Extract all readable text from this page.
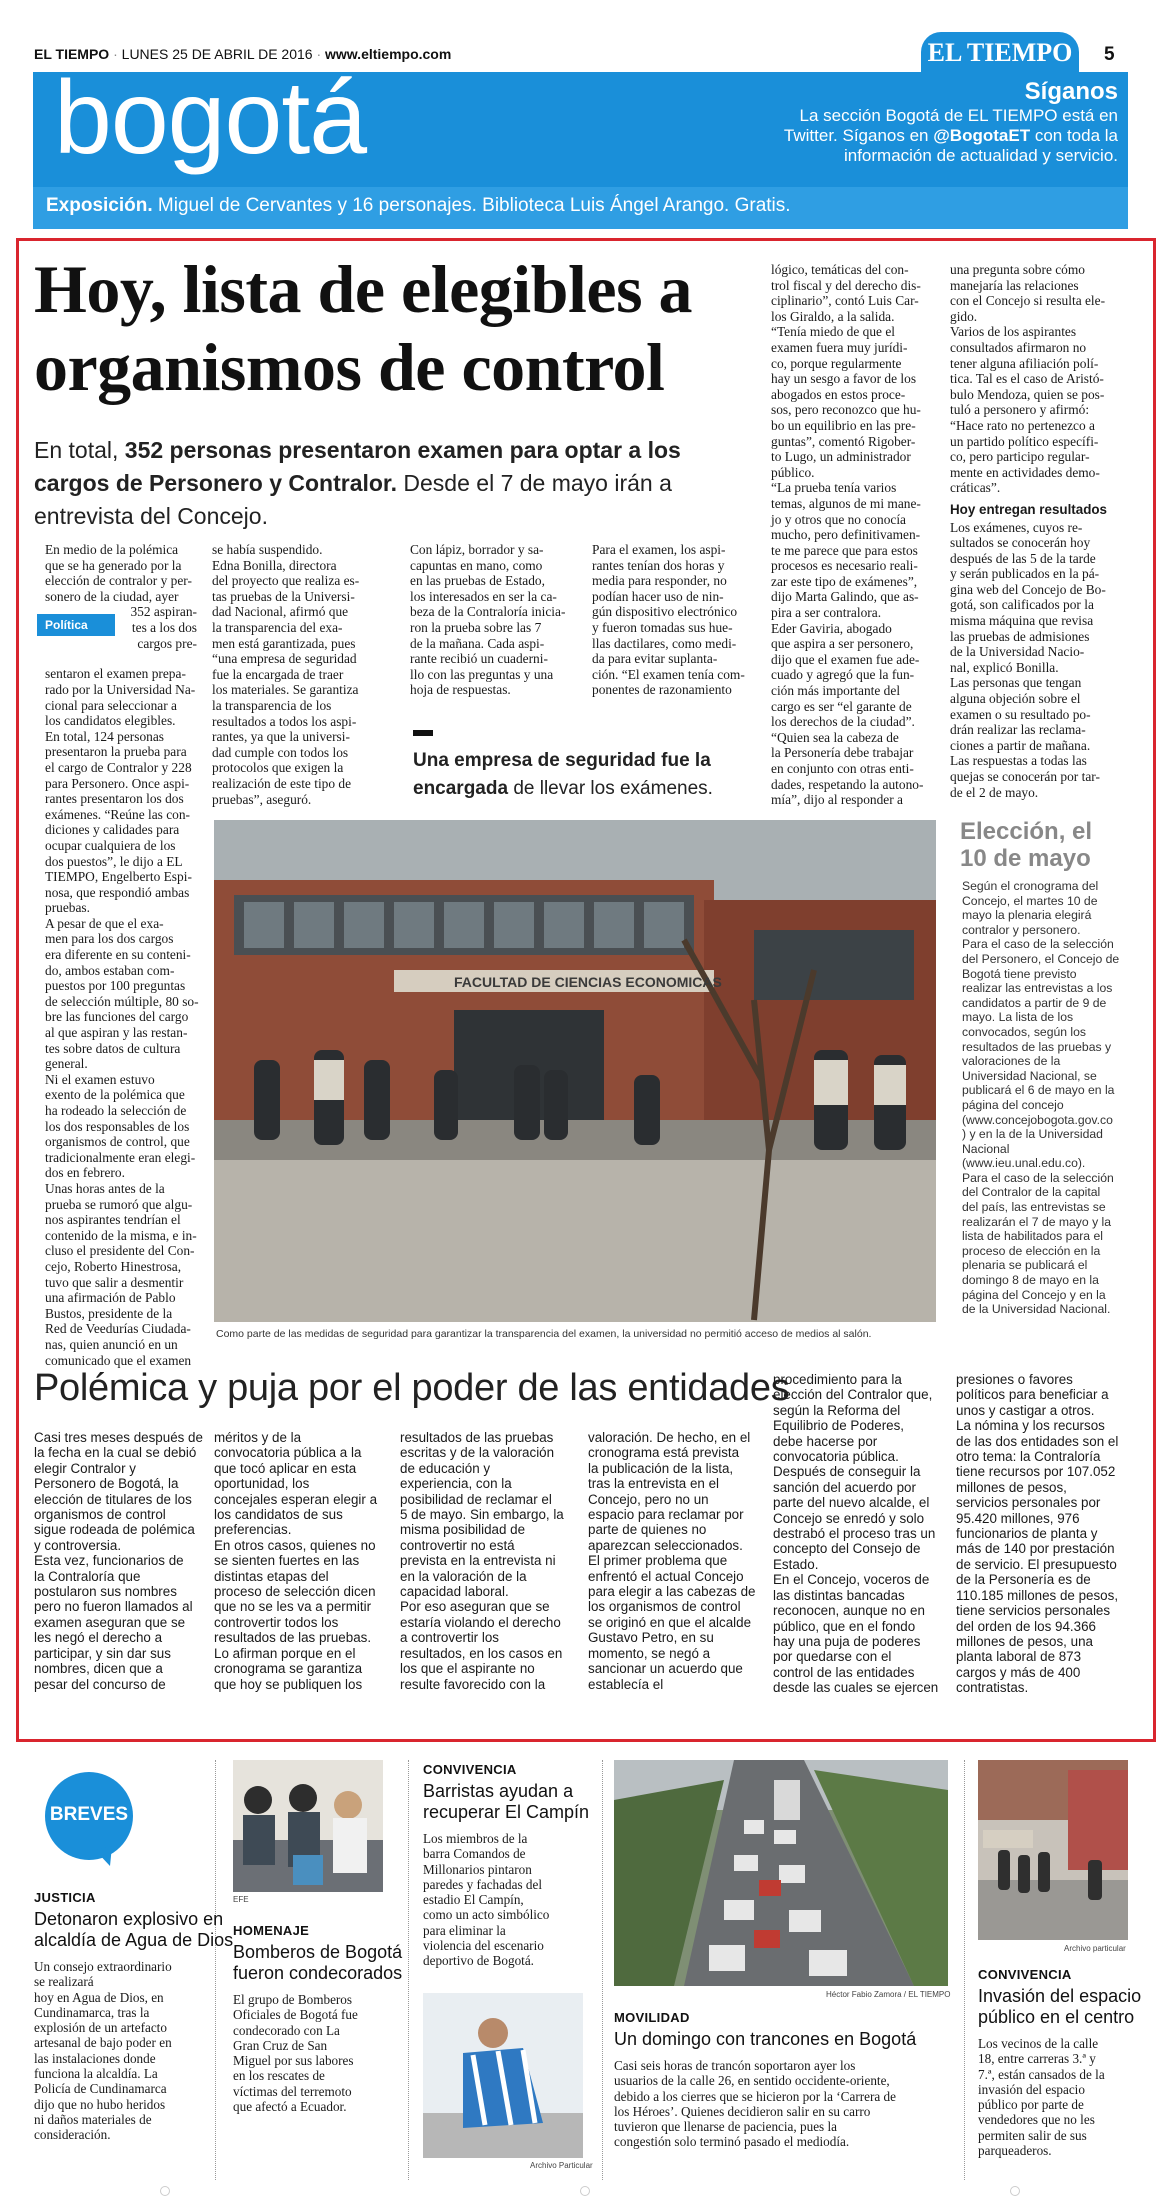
EL TIEMPO · LUNES 25 DE ABRIL DE 2016 · www.eltiempo.com	5
EL TIEMPO
bogotá	Síganos
La sección Bogotá de EL TIEMPO está en
Twitter. Síganos en @BogotaET con toda la
información de actualidad y servicio.
Exposición. Miguel de Cervantes y 16 personajes. Biblioteca Luis Ángel Arango. Gratis.
Hoy, lista de elegibles a
organismos de control
En total, 352 personas presentaron examen para optar a los cargos de Personero y Contralor. Desde el 7 de mayo irán a entrevista del Concejo.
En medio de la polémica
que se ha generado por la
elección de contralor y per-
sonero de la ciudad, ayer
Política
352 aspiran-
tes a los dos
cargos pre-
sentaron el examen prepa-
rado por la Universidad Na-
cional para seleccionar a
los candidatos elegibles.
En total, 124 personas
presentaron la prueba para
el cargo de Contralor y 228
para Personero. Once aspi-
rantes presentaron los dos
exámenes. “Reúne las con-
diciones y calidades para
ocupar cualquiera de los
dos puestos”, le dijo a EL
TIEMPO, Engelberto Espi-
nosa, que respondió ambas
pruebas.
A pesar de que el exa-
men para los dos cargos
era diferente en su conteni-
do, ambos estaban com-
puestos por 100 preguntas
de selección múltiple, 80 so-
bre las funciones del cargo
al que aspiran y las restan-
tes sobre datos de cultura
general.
Ni el examen estuvo
exento de la polémica que
ha rodeado la selección de
los dos responsables de los
organismos de control, que
tradicionalmente eran elegi-
dos en febrero.
Unas horas antes de la
prueba se rumoró que algu-
nos aspirantes tendrían el
contenido de la misma, e in-
cluso el presidente del Con-
cejo, Roberto Hinestrosa,
tuvo que salir a desmentir
una afirmación de Pablo
Bustos, presidente de la
Red de Veedurías Ciudada-
nas, quien anunció en un
comunicado que el examen
se había suspendido.
Edna Bonilla, directora
del proyecto que realiza es-
tas pruebas de la Universi-
dad Nacional, afirmó que
la transparencia del exa-
men está garantizada, pues
“una empresa de seguridad
fue la encargada de traer
los materiales. Se garantiza
la transparencia de los
resultados a todos los aspi-
rantes, ya que la universi-
dad cumple con todos los
protocolos que exigen la
realización de este tipo de
pruebas”, aseguró.
Con lápiz, borrador y sa-
capuntas en mano, como
en las pruebas de Estado,
los interesados en ser la ca-
beza de la Contraloría inicia-
ron la prueba sobre las 7
de la mañana. Cada aspi-
rante recibió un cuaderni-
llo con las preguntas y una
hoja de respuestas.
Para el examen, los aspi-
rantes tenían dos horas y
media para responder, no
podían hacer uso de nin-
gún dispositivo electrónico
y fueron tomadas sus hue-
llas dactilares, como medi-
da para evitar suplanta-
ción. “El examen tenía com-
ponentes de razonamiento
lógico, temáticas del con-
trol fiscal y del derecho dis-
ciplinario”, contó Luis Car-
los Giraldo, a la salida.
“Tenía miedo de que el
examen fuera muy jurídi-
co, porque regularmente
hay un sesgo a favor de los
abogados en estos proce-
sos, pero reconozco que hu-
bo un equilibrio en las pre-
guntas”, comentó Rigober-
to Lugo, un administrador
público.
“La prueba tenía varios
temas, algunos de mi mane-
jo y otros que no conocía
mucho, pero definitivamen-
te me parece que para estos
procesos es necesario reali-
zar este tipo de exámenes”,
dijo Marta Galindo, que as-
pira a ser contralora.
Eder Gaviria, abogado
que aspira a ser personero,
dijo que el examen fue ade-
cuado y agregó que la fun-
ción más importante del
cargo es ser “el garante de
los derechos de la ciudad”.
“Quien sea la cabeza de
la Personería debe trabajar
en conjunto con otras enti-
dades, respetando la autono-
mía”, dijo al responder a
una pregunta sobre cómo
manejaría las relaciones
con el Concejo si resulta ele-
gido.
Varios de los aspirantes
consultados afirmaron no
tener alguna afiliación polí-
tica. Tal es el caso de Aristó-
bulo Mendoza, quien se pos-
tuló a personero y afirmó:
“Hace rato no pertenezco a
un partido político específi-
co, pero participo regular-
mente en actividades demo-
cráticas”.
Hoy entregan resultados
Los exámenes, cuyos re-
sultados se conocerán hoy
después de las 5 de la tarde
y serán publicados en la pá-
gina web del Concejo de Bo-
gotá, son calificados por la
misma máquina que revisa
las pruebas de admisiones
de la Universidad Nacio-
nal, explicó Bonilla.
Las personas que tengan
alguna objeción sobre el
examen o su resultado po-
drán realizar las reclama-
ciones a partir de mañana.
Las respuestas a todas las
quejas se conocerán por tar-
de el 2 de mayo.
Una empresa de seguridad fue la encargada de llevar los exámenes.
FACULTAD DE CIENCIAS ECONOMICAS
Como parte de las medidas de seguridad para garantizar la transparencia del examen, la universidad no permitió acceso de medios al salón.
Elección, el
10 de mayo
Según el cronograma del
Concejo, el martes 10 de
mayo la plenaria elegirá
contralor y personero.
Para el caso de la selección
del Personero, el Concejo de
Bogotá tiene previsto
realizar las entrevistas a los
candidatos a partir de 9 de
mayo. La lista de los
convocados, según los
resultados de las pruebas y
valoraciones de la
Universidad Nacional, se
publicará el 6 de mayo en la
página del concejo
(www.concejobogota.gov.co
) y en la de la Universidad
Nacional
(www.ieu.unal.edu.co).
Para el caso de la selección
del Contralor de la capital
del país, las entrevistas se
realizarán el 7 de mayo y la
lista de habilitados para el
proceso de elección en la
plenaria se publicará el
domingo 8 de mayo en la
página del Concejo y en la
de la Universidad Nacional.
Polémica y puja por el poder de las entidades
Casi tres meses después de
la fecha en la cual se debió
elegir Contralor y
Personero de Bogotá, la
elección de titulares de los
organismos de control
sigue rodeada de polémica
y controversia.
Esta vez, funcionarios de
la Contraloría que
postularon sus nombres
pero no fueron llamados al
examen aseguran que se
les negó el derecho a
participar, y sin dar sus
nombres, dicen que a
pesar del concurso de
méritos y de la
convocatoria pública a la
que tocó aplicar en esta
oportunidad, los
concejales esperan elegir a
los candidatos de sus
preferencias.
En otros casos, quienes no
se sienten fuertes en las
distintas etapas del
proceso de selección dicen
que no se les va a permitir
controvertir todos los
resultados de las pruebas.
Lo afirman porque en el
cronograma se garantiza
que hoy se publiquen los
resultados de las pruebas
escritas y de la valoración
de educación y
experiencia, con la
posibilidad de reclamar el
5 de mayo. Sin embargo, la
misma posibilidad de
controvertir no está
prevista en la entrevista ni
en la valoración de la
capacidad laboral.
Por eso aseguran que se
estaría violando el derecho
a controvertir los
resultados, en los casos en
los que el aspirante no
resulte favorecido con la
valoración. De hecho, en el
cronograma está prevista
la publicación de la lista,
tras la entrevista en el
Concejo, pero no un
espacio para reclamar por
parte de quienes no
aparezcan seleccionados.
El primer problema que
enfrentó el actual Concejo
para elegir a las cabezas de
los organismos de control
se originó en que el alcalde
Gustavo Petro, en su
momento, se negó a
sancionar un acuerdo que
establecía el
procedimiento para la
elección del Contralor que,
según la Reforma del
Equilibrio de Poderes,
debe hacerse por
convocatoria pública.
Después de conseguir la
sanción del acuerdo por
parte del nuevo alcalde, el
Concejo se enredó y solo
destrabó el proceso tras un
concepto del Consejo de
Estado.
En el Concejo, voceros de
las distintas bancadas
reconocen, aunque no en
público, que en el fondo
hay una puja de poderes
por quedarse con el
control de las entidades
desde las cuales se ejercen
presiones o favores
políticos para beneficiar a
unos y castigar a otros.
La nómina y los recursos
de las dos entidades son el
otro tema: la Contraloría
tiene recursos por 107.052
millones de pesos,
servicios personales por
95.420 millones, 976
funcionarios de planta y
más de 140 por prestación
de servicio. El presupuesto
de la Personería es de
110.185 millones de pesos,
tiene servicios personales
del orden de los 94.366
millones de pesos, una
planta laboral de 873
cargos y más de 400
contratistas.
BREVES
JUSTICIA
Detonaron explosivo en
alcaldía de Agua de Dios
Un consejo extraordinario
se realizará
hoy en Agua de Dios, en
Cundinamarca, tras la
explosión de un artefacto
artesanal de bajo poder en
las instalaciones donde
funciona la alcaldía. La
Policía de Cundinamarca
dijo que no hubo heridos
ni daños materiales de
consideración.
EFE
HOMENAJE
Bomberos de Bogotá
fueron condecorados
El grupo de Bomberos
Oficiales de Bogotá fue
condecorado con La
Gran Cruz de San
Miguel por sus labores
en los rescates de
víctimas del terremoto
que afectó a Ecuador.
CONVIVENCIA
Barristas ayudan a
recuperar El Campín
Los miembros de la
barra Comandos de
Millonarios pintaron
paredes y fachadas del
estadio El Campín,
como un acto simbólico
para eliminar la
violencia del escenario
deportivo de Bogotá.
Archivo Particular
Héctor Fabio Zamora / EL TIEMPO
MOVILIDAD
Un domingo con trancones en Bogotá
Casi seis horas de trancón soportaron ayer los
usuarios de la calle 26, en sentido occidente-oriente,
debido a los cierres que se hicieron por la ‘Carrera de
los Héroes’. Quienes decidieron salir en su carro
tuvieron que llenarse de paciencia, pues la
congestión solo terminó pasado el mediodía.
Archivo particular
CONVIVENCIA
Invasión del espacio
público en el centro
Los vecinos de la calle
18, entre carreras 3.ª y
7.ª, están cansados de la
invasión del espacio
público por parte de
vendedores que no les
permiten salir de sus
parqueaderos.
